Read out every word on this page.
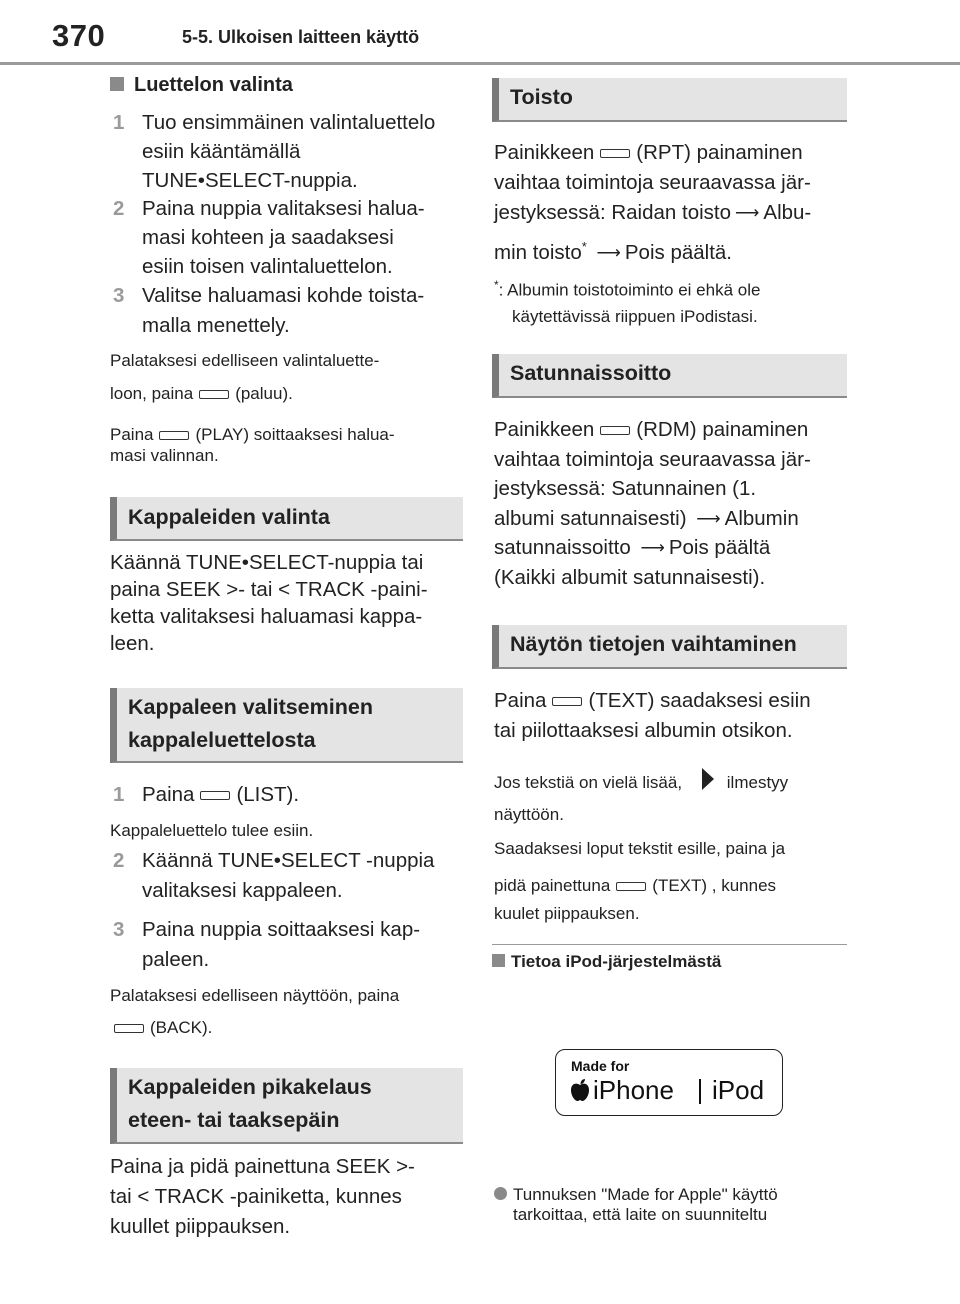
370	5-5. Ulkoisen laitteen käyttö
Luettelon valinta
1 Tuo ensimmäinen valintaluettelo
esiin kääntämällä
TUNE•SELECT-nuppia.
2 Paina nuppia valitaksesi halua-
masi kohteen ja saadaksesi
esiin toisen valintaluettelon.
3 Valitse haluamasi kohde toista-
malla menettely.
Palataksesi edelliseen valintaluette-
loon, paina (paluu).
Paina (PLAY) soittaaksesi halua-
masi valinnan.
Kappaleiden valinta
Käännä TUNE•SELECT-nuppia tai
paina SEEK >- tai < TRACK -paini-
ketta valitaksesi haluamasi kappa-
leen.
Kappaleen valitseminen
kappaleluettelosta
1 Paina (LIST).
Kappaleluettelo tulee esiin.
2 Käännä TUNE•SELECT -nuppia
valitaksesi kappaleen.
3 Paina nuppia soittaaksesi kap-
paleen.
Palataksesi edelliseen näyttöön, paina
(BACK).
Kappaleiden pikakelaus
eteen- tai taaksepäin
Paina ja pidä painettuna SEEK >-
tai < TRACK -painiketta, kunnes
kuullet piippauksen.
Toisto
Painikkeen (RPT) painaminen
vaihtaa toimintoja seuraavassa jär-
jestyksessä: Raidan toisto ⟶ Albu-
min toisto* ⟶ Pois päältä.
*: Albumin toistotoiminto ei ehkä ole
käytettävissä riippuen iPodistasi.
Satunnaissoitto
Painikkeen (RDM) painaminen
vaihtaa toimintoja seuraavassa jär-
jestyksessä: Satunnainen (1.
albumi satunnaisesti) ⟶ Albumin
satunnaissoitto ⟶ Pois päältä
(Kaikki albumit satunnaisesti).
Näytön tietojen vaihtaminen
Paina (TEXT) saadaksesi esiin
tai piilottaaksesi albumin otsikon.
Jos tekstiä on vielä lisää,	ilmestyy
näyttöön.
Saadaksesi loput tekstit esille, paina ja
pidä painettuna (TEXT) , kunnes
kuulet piippauksen.
Tietoa iPod-järjestelmästä
Made for
iPhone iPod
Tunnuksen "Made for Apple" käyttö
tarkoittaa, että laite on suunniteltu
